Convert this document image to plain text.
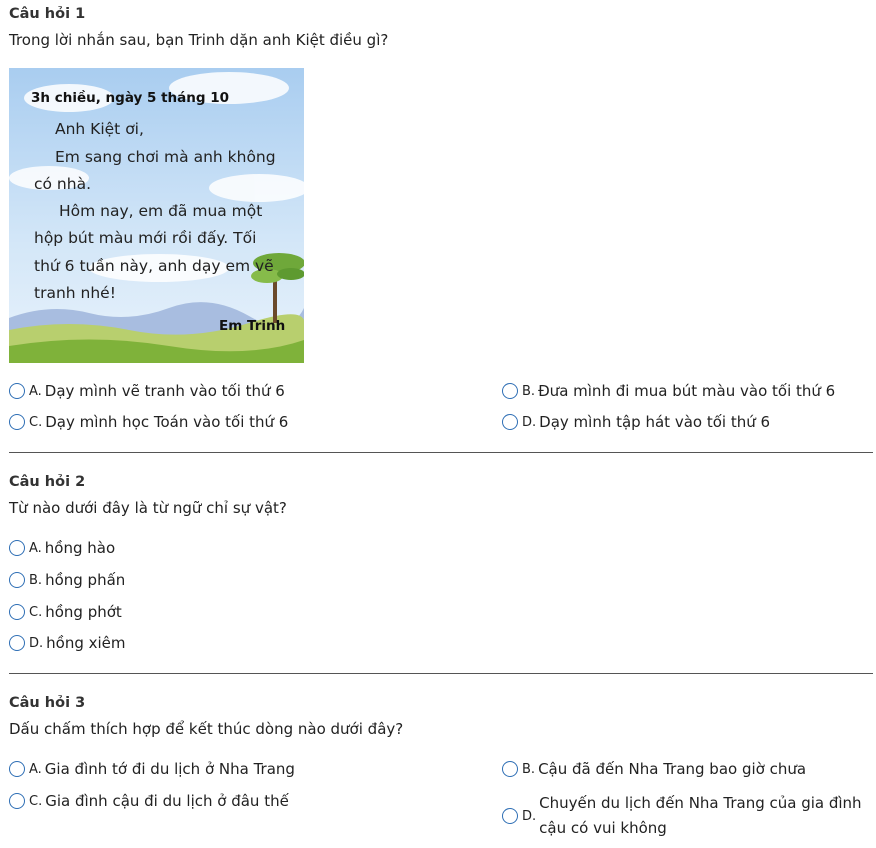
Câu hỏi 1
Trong lời nhắn sau, bạn Trinh dặn anh Kiệt điều gì?
3h chiều, ngày 5 tháng 10
Anh Kiệt ơi,
Em sang chơi mà anh không
có nhà.
Hôm nay, em đã mua một
hộp bút màu mới rồi đấy. Tối
thứ 6 tuần này, anh dạy em vẽ
tranh nhé!
Em Trinh
A. Dạy mình vẽ tranh vào tối thứ 6	B. Đưa mình đi mua bút màu vào tối thứ 6
C. Dạy mình học Toán vào tối thứ 6	D. Dạy mình tập hát vào tối thứ 6
Câu hỏi 2
Từ nào dưới đây là từ ngữ chỉ sự vật?
A. hồng hào
B. hồng phấn
C. hồng phớt
D. hồng xiêm
Câu hỏi 3
Dấu chấm thích hợp để kết thúc dòng nào dưới đây?
A. Gia đình tớ đi du lịch ở Nha Trang	B. Cậu đã đến Nha Trang bao giờ chưa
C. Gia đình cậu đi du lịch ở đâu thế
D.
Chuyến du lịch đến Nha Trang của gia đình cậu có vui không
